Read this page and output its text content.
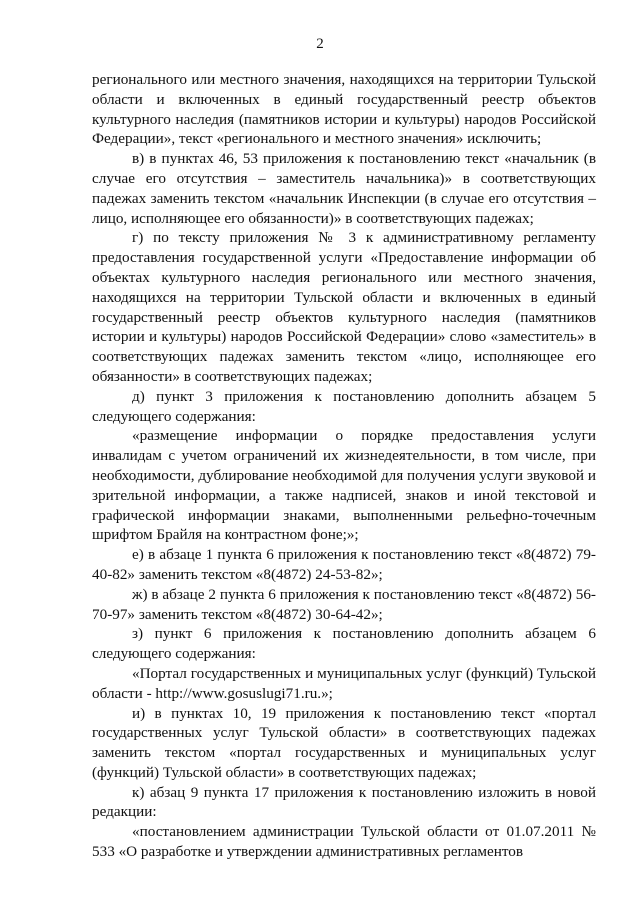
2

регионального или местного значения, находящихся на территории Тульской области и включенных в единый государственный реестр объектов культурного наследия (памятников истории и культуры) народов Российской Федерации», текст «регионального и местного значения» исключить;

в) в пунктах 46, 53 приложения к постановлению текст «начальник (в случае его отсутствия – заместитель начальника)» в соответствующих падежах заменить текстом «начальник Инспекции (в случае его отсутствия – лицо, исполняющее его обязанности)» в соответствующих падежах;

г) по тексту приложения № 3 к административному регламенту предоставления государственной услуги «Предоставление информации об объектах культурного наследия регионального или местного значения, находящихся на территории Тульской области и включенных в единый государственный реестр объектов культурного наследия (памятников истории и культуры) народов Российской Федерации» слово «заместитель» в соответствующих падежах заменить текстом «лицо, исполняющее его обязанности» в соответствующих падежах;

д) пункт 3 приложения к постановлению дополнить абзацем 5 следующего содержания:

«размещение информации о порядке предоставления услуги инвалидам с учетом ограничений их жизнедеятельности, в том числе, при необходимости, дублирование необходимой для получения услуги звуковой и зрительной информации, а также надписей, знаков и иной текстовой и графической информации знаками, выполненными рельефно-точечным шрифтом Брайля на контрастном фоне;»;

е) в абзаце 1 пункта 6 приложения к постановлению текст «8(4872) 79-40-82» заменить текстом «8(4872) 24-53-82»;

ж) в абзаце 2 пункта 6 приложения к постановлению текст «8(4872) 56-70-97» заменить текстом «8(4872) 30-64-42»;

з) пункт 6 приложения к постановлению дополнить абзацем 6 следующего содержания:

«Портал государственных и муниципальных услуг (функций) Тульской области - http://www.gosuslugi71.ru.»;

и) в пунктах 10, 19 приложения к постановлению текст «портал государственных услуг Тульской области» в соответствующих падежах заменить текстом «портал государственных и муниципальных услуг (функций) Тульской области» в соответствующих падежах;

к) абзац 9 пункта 17 приложения к постановлению изложить в новой редакции:

«постановлением администрации Тульской области от 01.07.2011 № 533 «О разработке и утверждении административных регламентов
